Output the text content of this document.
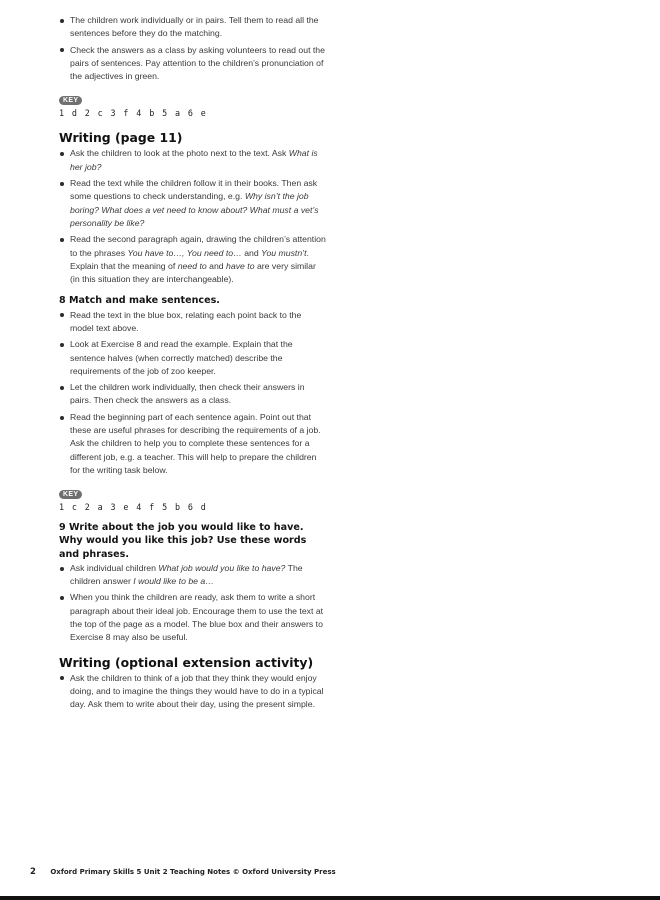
The children work individually or in pairs. Tell them to read all the sentences before they do the matching.
Check the answers as a class by asking volunteers to read out the pairs of sentences. Pay attention to the children’s pronunciation of the adjectives in green.
KEY
1 d 2 c 3 f 4 b 5 a 6 e
Writing (page 11)
Ask the children to look at the photo next to the text. Ask What is her job?
Read the text while the children follow it in their books. Then ask some questions to check understanding, e.g. Why isn’t the job boring? What does a vet need to know about? What must a vet’s personality be like?
Read the second paragraph again, drawing the children’s attention to the phrases You have to…, You need to… and You mustn’t. Explain that the meaning of need to and have to are very similar (in this situation they are interchangeable).
8 Match and make sentences.
Read the text in the blue box, relating each point back to the model text above.
Look at Exercise 8 and read the example. Explain that the sentence halves (when correctly matched) describe the requirements of the job of zoo keeper.
Let the children work individually, then check their answers in pairs. Then check the answers as a class.
Read the beginning part of each sentence again. Point out that these are useful phrases for describing the requirements of a job. Ask the children to help you to complete these sentences for a different job, e.g. a teacher. This will help to prepare the children for the writing task below.
KEY
1 c 2 a 3 e 4 f 5 b 6 d
9 Write about the job you would like to have. Why would you like this job? Use these words and phrases.
Ask individual children What job would you like to have? The children answer I would like to be a…
When you think the children are ready, ask them to write a short paragraph about their ideal job. Encourage them to use the text at the top of the page as a model. The blue box and their answers to Exercise 8 may also be useful.
Writing (optional extension activity)
Ask the children to think of a job that they think they would enjoy doing, and to imagine the things they would have to do in a typical day. Ask them to write about their day, using the present simple.
2 Oxford Primary Skills 5 Unit 2 Teaching Notes © Oxford University Press
